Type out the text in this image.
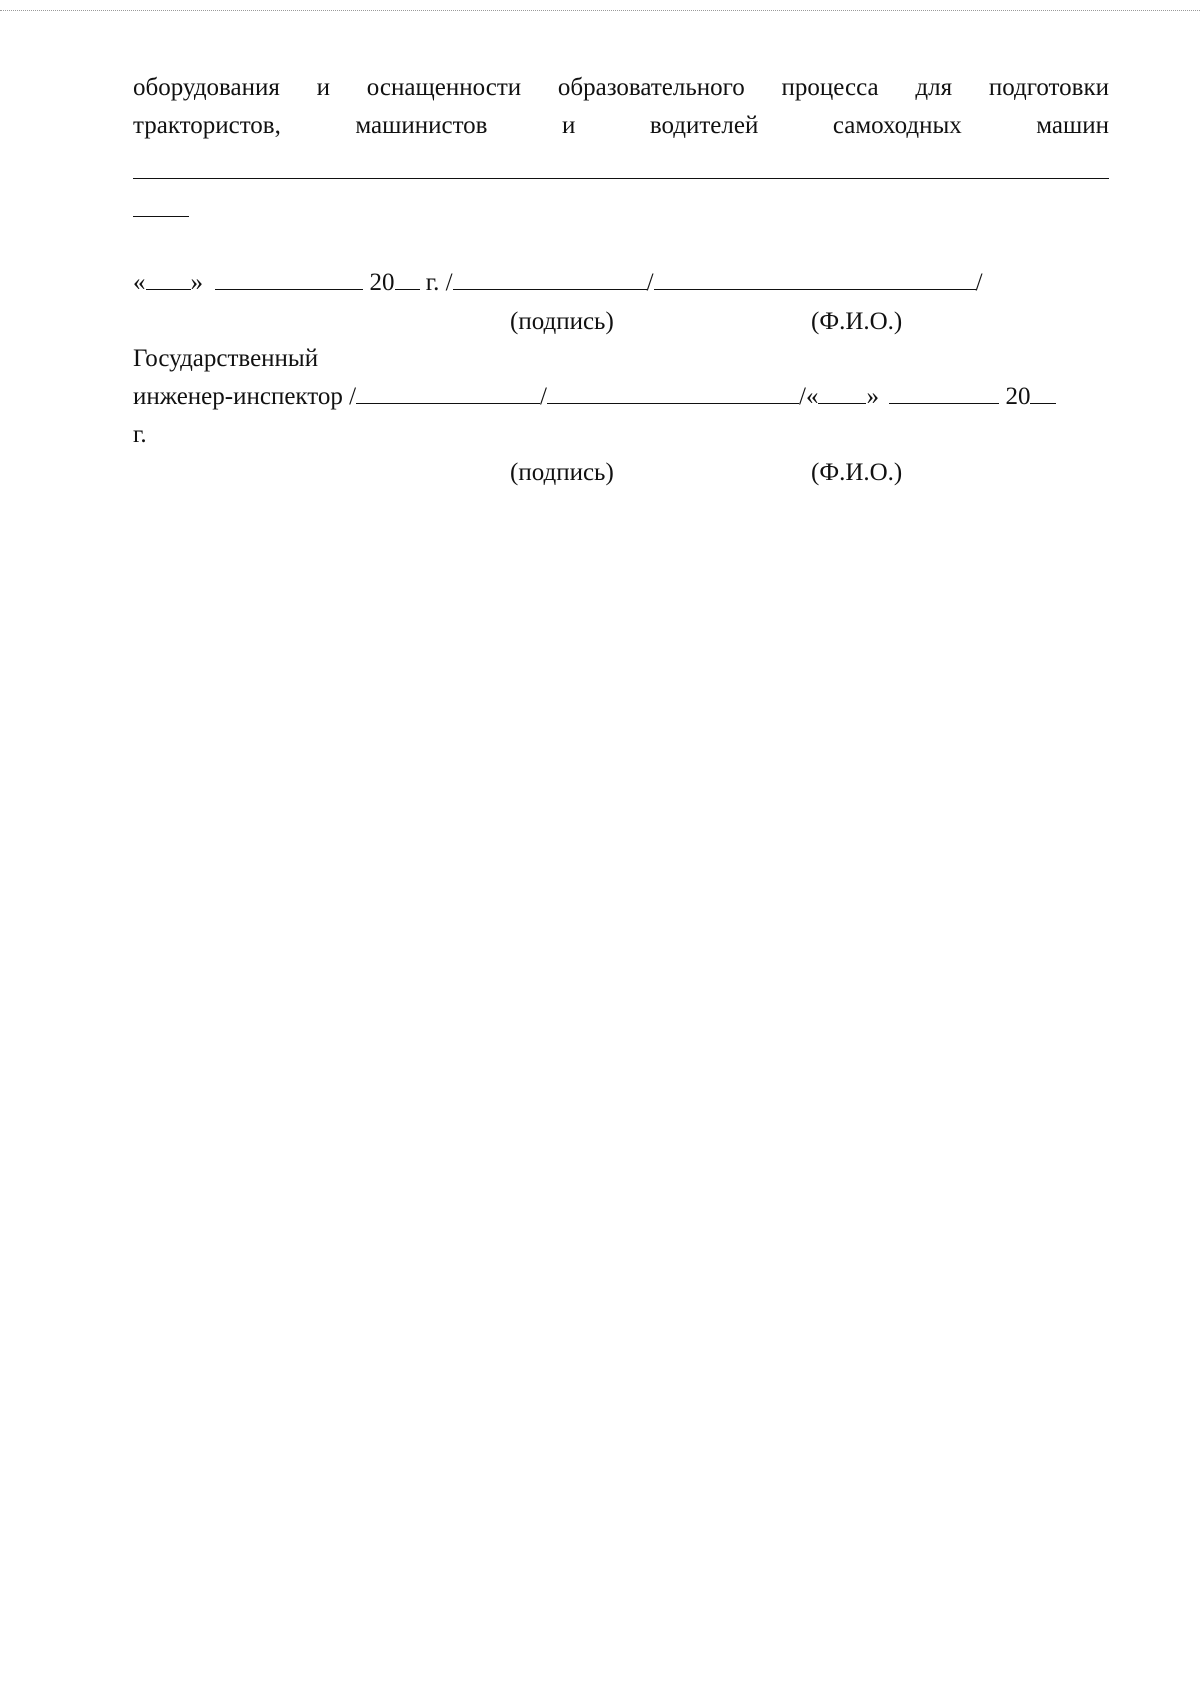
оборудования и оснащенности образовательного процесса для подготовки
трактористов,	машинистов	и	водителей	самоходных	машин
« »	20 г. /	/	/
(подпись)	(Ф.И.О.)
Государственный
инженер-инспектор /	/	/« »	20
г.
(подпись)	(Ф.И.О.)
